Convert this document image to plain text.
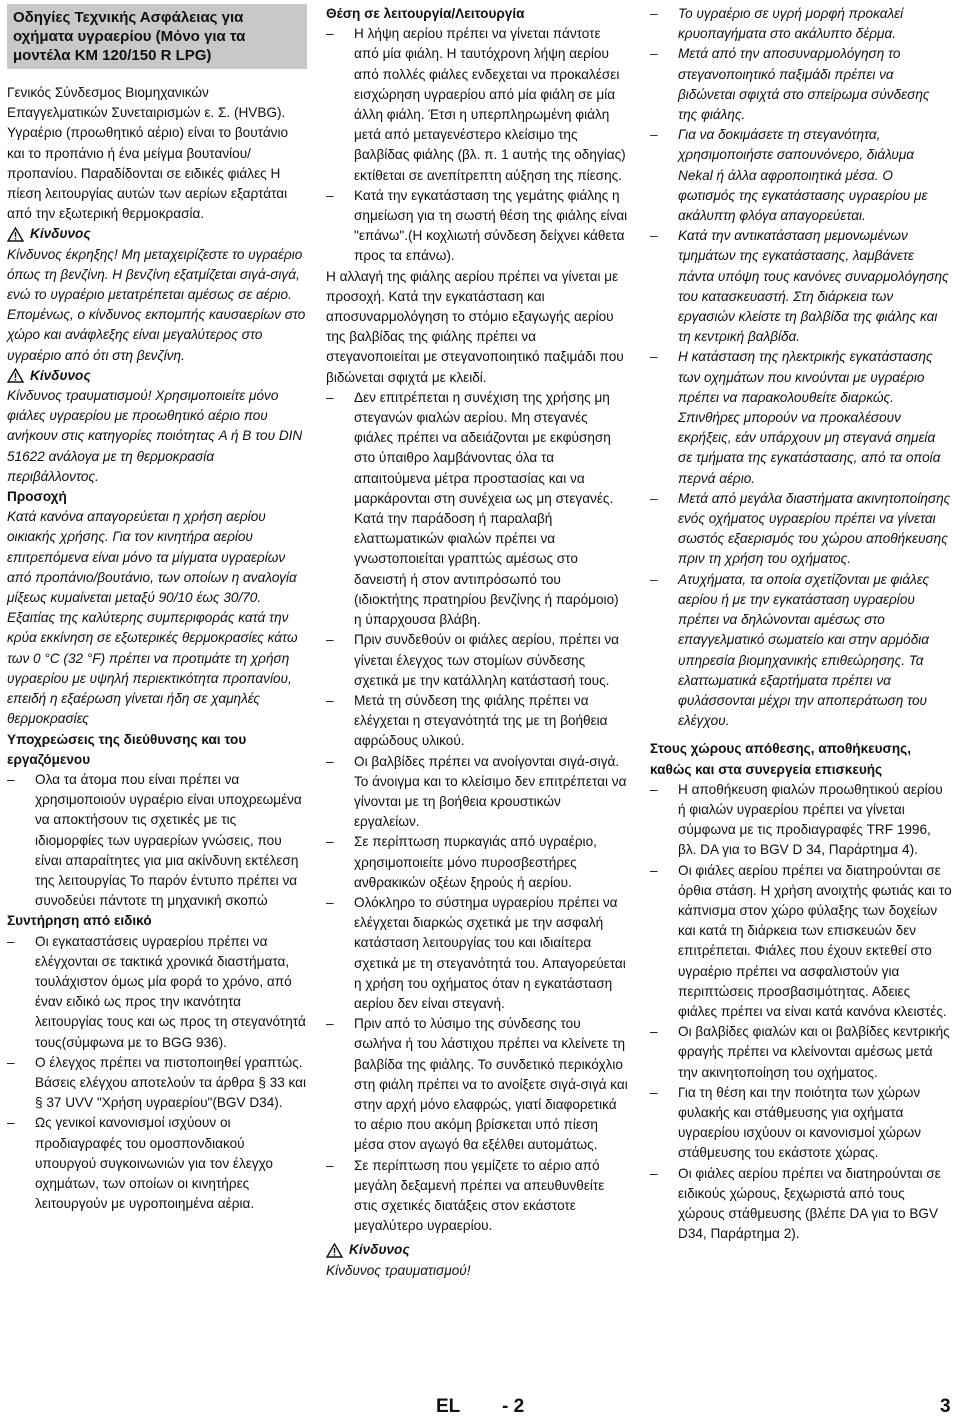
Οδηγίες Τεχνικής Ασφάλειας για οχήματα υγραερίου (Μόνο για τα μοντέλα KM 120/150 R LPG)
Γενικός Σύνδεσμος Βιομηχανικών Επαγγελματικών Συνεταιρισμών ε. Σ. (HVBG). Υγραέριο (προωθητικό αέριο) είναι το βουτάνιο και το προπάνιο ή ένα μείγμα βουτανίου/προπανίου. Παραδίδονται σε ειδικές φιάλες Η πίεση λειτουργίας αυτών των αερίων εξαρτάται από την εξωτερική θερμοκρασία.
Κίνδυνος
Κίνδυνος έκρηξης! Μη μεταχειρίζεστε το υγραέριο όπως τη βενζίνη. Η βενζίνη εξατμίζεται σιγά-σιγά, ενώ το υγραέριο μετατρέπεται αμέσως σε αέριο. Επομένως, ο κίνδυνος εκπομπής καυσαερίων στο χώρο και ανάφλεξης είναι μεγαλύτερος στο υγραέριο από ότι στη βενζίνη.
Κίνδυνος
Κίνδυνος τραυματισμού! Χρησιμοποιείτε μόνο φιάλες υγραερίου με προωθητικό αέριο που ανήκουν στις κατηγορίες ποιότητας A ή B του DIN 51622 ανάλογα με τη θερμοκρασία περιβάλλοντος.
Προσοχή
Κατά κανόνα απαγορεύεται η χρήση αερίου οικιακής χρήσης. Για τον κινητήρα αερίου επιτρεπόμενα είναι μόνο τα μίγματα υγραερίων από προπάνιο/βουτάνιο, των οποίων η αναλογία μίξεως κυμαίνεται μεταξύ 90/10 έως 30/70. Εξαιτίας της καλύτερης συμπεριφοράς κατά την κρύα εκκίνηση σε εξωτερικές θερμοκρασίες κάτω των 0 °C (32 °F) πρέπει να προτιμάτε τη χρήση υγραερίου με υψηλή περιεκτικότητα προπανίου, επειδή η εξαέρωση γίνεται ήδη σε χαμηλές θερμοκρασίες
Υποχρεώσεις της διεύθυνσης και του εργαζόμενου
–	Ολα τα άτομα που είναι πρέπει να χρησιμοποιούν υγραέριο είναι υποχρεωμένα να αποκτήσουν τις σχετικές με τις ιδιομορφίες των υγραερίων γνώσεις, που είναι απαραίτητες για μια ακίνδυνη εκτέλεση της λειτουργίας Το παρόν έντυπο πρέπει να συνοδεύει πάντοτε τη μηχανική σκοπώ
Συντήρηση από ειδικό
–	Οι εγκαταστάσεις υγραερίου πρέπει να ελέγχονται σε τακτικά χρονικά διαστήματα, τουλάχιστον όμως μία φορά το χρόνο, από έναν ειδικό ως προς την ικανότητα λειτουργίας τους και ως προς τη στεγανότητά τους(σύμφωνα με το BGG 936).
–	Ο έλεγχος πρέπει να πιστοποιηθεί γραπτώς. Βάσεις ελέγχου αποτελούν τα άρθρα § 33 και § 37 UVV "Χρήση υγραερίου"(BGV D34).
–	Ως γενικοί κανονισμοί ισχύουν οι προδιαγραφές του ομοσπονδιακού υπουργού συγκοινωνιών για τον έλεγχο οχημάτων, των οποίων οι κινητήρες λειτουργούν με υγροποιημένα αέρια.
Θέση σε λειτουργία/Λειτουργία
–	Η λήψη αερίου πρέπει να γίνεται πάντοτε από μία φιάλη. Η ταυτόχρονη λήψη αερίου από πολλές φιάλες ενδεχεται να προκαλέσει εισχώρηση υγραερίου από μία φιάλη σε μία άλλη φιάλη. Έτσι η υπερπληρωμένη φιάλη μετά από μεταγενέστερο κλείσιμο της βαλβίδας φιάλης (βλ. π. 1 αυτής της οδηγίας) εκτίθεται σε ανεπίτρεπτη αύξηση της πίεσης.
–	Κατά την εγκατάσταση της γεμάτης φιάλης η σημείωση για τη σωστή θέση της φιάλης είναι "επάνω".(Η κοχλιωτή σύνδεση δείχνει κάθετα προς τα επάνω).
Η αλλαγή της φιάλης αερίου πρέπει να γίνεται με προσοχή. Κατά την εγκατάσταση και αποσυναρμολόγηση το στόμιο εξαγωγής αερίου της βαλβίδας της φιάλης πρέπει να στεγανοποιείται με στεγανοποιητικό παξιμάδι που βιδώνεται σφιχτά με κλειδί.
–	Δεν επιτρέπεται η συνέχιση της χρήσης μη στεγανών φιαλών αερίου. Μη στεγανές φιάλες πρέπει να αδειάζονται με εκφύσηση στο ύπαιθρο λαμβάνοντας όλα τα απαιτούμενα μέτρα προστασίας και να μαρκάρονται στη συνέχεια ως μη στεγανές. Κατά την παράδοση ή παραλαβή ελαττωματικών φιαλών πρέπει να γνωστοποιείται γραπτώς αμέσως στο δανειστή ή στον αντιπρόσωπό του (ιδιοκτήτης πρατηρίου βενζίνης ή παρόμοιο) η ύπαρχουσα βλάβη.
–	Πριν συνδεθούν οι φιάλες αερίου, πρέπει να γίνεται έλεγχος των στομίων σύνδεσης σχετικά με την κατάλληλη κατάστασή τους.
–	Μετά τη σύνδεση της φιάλης πρέπει να ελέγχεται η στεγανότητά της με τη βοήθεια αφρώδους υλικού.
–	Οι βαλβίδες πρέπει να ανοίγονται σιγά-σιγά. Το άνοιγμα και το κλείσιμο δεν επιτρέπεται να γίνονται με τη βοήθεια κρουστικών εργαλείων.
–	Σε περίπτωση πυρκαγιάς από υγραέριο, χρησιμοποιείτε μόνο πυροσβεστήρες ανθρακικών οξέων ξηρούς ή αερίου.
–	Ολόκληρο το σύστημα υγραερίου πρέπει να ελέγχεται διαρκώς σχετικά με την ασφαλή κατάσταση λειτουργίας του και ιδιαίτερα σχετικά με τη στεγανότητά του. Απαγορεύεται η χρήση του οχήματος όταν η εγκατάσταση αερίου δεν είναι στεγανή.
–	Πριν από το λύσιμο της σύνδεσης του σωλήνα ή του λάστιχου πρέπει να κλείνετε τη βαλβίδα της φιάλης. Το συνδετικό περικόχλιο στη φιάλη πρέπει να το ανοίξετε σιγά-σιγά και στην αρχή μόνο ελαφρώς, γιατί διαφορετικά το αέριο που ακόμη βρίσκεται υπό πίεση μέσα στον αγωγό θα εξέλθει αυτομάτως.
–	Σε περίπτωση που γεμίζετε το αέριο από μεγάλη δεξαμενή πρέπει να απευθυνθείτε στις σχετικές διατάξεις στον εκάστοτε μεγαλύτερο υγραερίου.
Κίνδυνος
Κίνδυνος τραυματισμού!
–	Το υγραέριο σε υγρή μορφή προκαλεί κρυοπαγήματα στο ακάλυπτο δέρμα.
–	Μετά από την αποσυναρμολόγηση το στεγανοποιητικό παξιμάδι πρέπει να βιδώνεται σφιχτά στο σπείρωμα σύνδεσης της φιάλης.
–	Για να δοκιμάσετε τη στεγανότητα, χρησιμοποιήστε σαπουνόνερο, διάλυμα Nekal ή άλλα αφροποιητικά μέσα. Ο φωτισμός της εγκατάστασης υγραερίου με ακάλυπτη φλόγα απαγορεύεται.
–	Κατά την αντικατάσταση μεμονωμένων τμημάτων της εγκατάστασης, λαμβάνετε πάντα υπόψη τους κανόνες συναρμολόγησης του κατασκευαστή. Στη διάρκεια των εργασιών κλείστε τη βαλβίδα της φιάλης και τη κεντρική βαλβίδα.
–	Η κατάσταση της ηλεκτρικής εγκατάστασης των οχημάτων που κινούνται με υγραέριο πρέπει να παρακολουθείτε διαρκώς. Σπινθήρες μπορούν να προκαλέσουν εκρήξεις, εάν υπάρχουν μη στεγανά σημεία σε τμήματα της εγκατάστασης, από τα οποία περνά αέριο.
–	Μετά από μεγάλα διαστήματα ακινητοποίησης ενός οχήματος υγραερίου πρέπει να γίνεται σωστός εξαερισμός του χώρου αποθήκευσης πριν τη χρήση του οχήματος.
–	Ατυχήματα, τα οποία σχετίζονται με φιάλες αερίου ή με την εγκατάσταση υγραερίου πρέπει να δηλώνονται αμέσως στο επαγγελματικό σωματείο και στην αρμόδια υπηρεσία βιομηχανικής επιθεώρησης. Τα ελαττωματικά εξαρτήματα πρέπει να φυλάσσονται μέχρι την αποπεράτωση του ελέγχου.
Στους χώρους απόθεσης, αποθήκευσης, καθώς και στα συνεργεία επισκευής
–	Η αποθήκευση φιαλών προωθητικού αερίου ή φιαλών υγραερίου πρέπει να γίνεται σύμφωνα με τις προδιαγραφές TRF 1996, βλ. DA για το BGV D 34, Παράρτημα 4).
–	Οι φιάλες αερίου πρέπει να διατηρούνται σε όρθια στάση. Η χρήση ανοιχτής φωτιάς και το κάπνισμα στον χώρο φύλαξης των δοχείων και κατά τη διάρκεια των επισκευών δεν επιτρέπεται. Φιάλες που έχουν εκτεθεί στο υγραέριο πρέπει να ασφαλιστούν για περιπτώσεις προσβασιμότητας. Αδειες φιάλες πρέπει να είναι κατά κανόνα κλειστές.
–	Οι βαλβίδες φιαλών και οι βαλβίδες κεντρικής φραγής πρέπει να κλείνονται αμέσως μετά την ακινητοποίηση του οχήματος.
–	Για τη θέση και την ποιότητα των χώρων φυλακής και στάθμευσης για οχήματα υγραερίου ισχύουν οι κανονισμοί χώρων στάθμευσης του εκάστοτε χώρας.
–	Οι φιάλες αερίου πρέπει να διατηρούνται σε ειδικούς χώρους, ξεχωριστά από τους χώρους στάθμευσης (βλέπε DA για το BGV D34, Παράρτημα 2).
EL - 2	3
